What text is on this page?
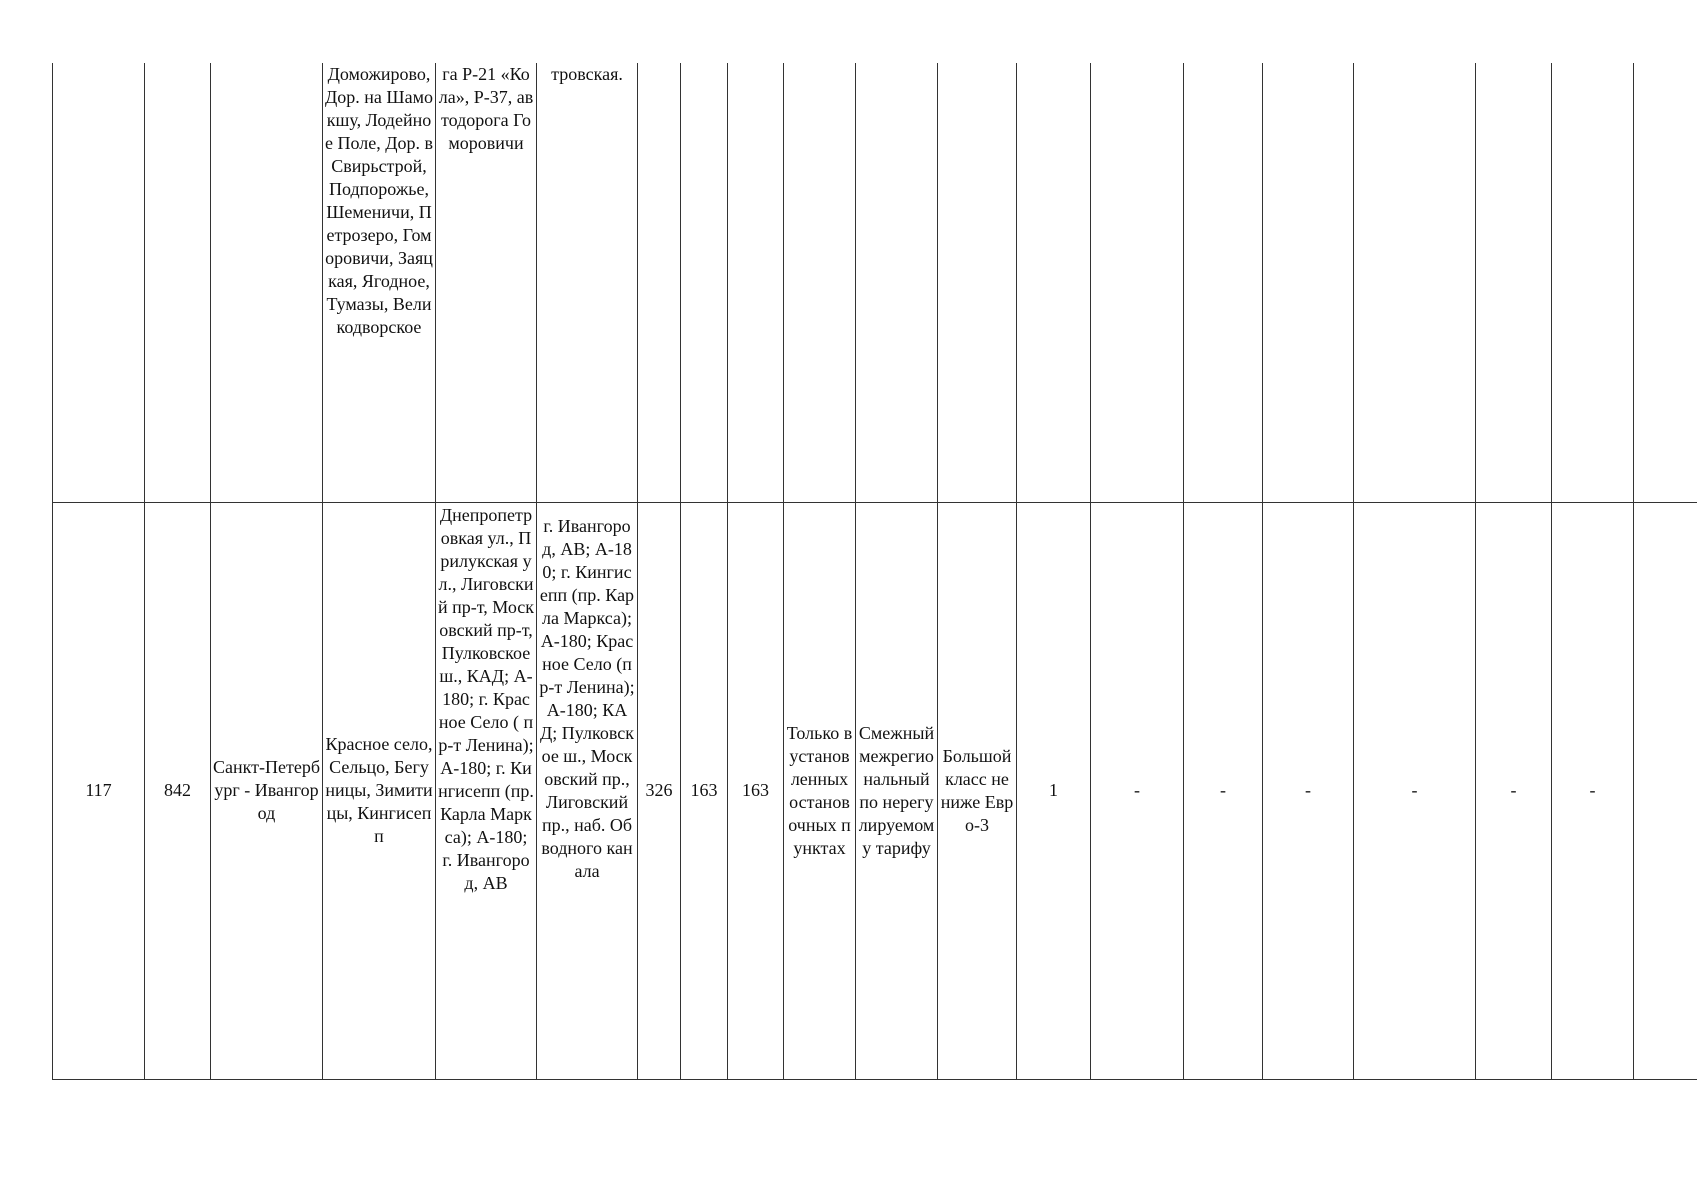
			Доможирово, Дор. на Шамокшу, Лодейное Поле, Дор. в Свирьстрой, Подпорожье, Шеменичи, Петрозеро, Гоморовичи, Заяцкая, Ягодное, Тумазы, Великодворское	га Р-21 «Кола», Р-37, автодорога Гоморовичи	тровская.														
117	842	Санкт-Петербург - Ивангород	Красное село, Сельцо, Бегуницы, Зимитицы, Кингисепп	Днепропетровкая ул., Прилукская ул., Лиговский пр-т, Московский пр-т, Пулковское ш., КАД; А-180; г. Красное Село ( пр-т Ленина); А-180; г. Кингисепп (пр. Карла Маркса); А-180; г. Ивангород, АВ	г. Ивангород, АВ; А-180; г. Кингисепп (пр. Карла Маркса); А-180; Красное Село (пр-т Ленина); А-180; КАД; Пулковское ш., Московский пр., Лиговский пр., наб. Обводного канала	326	163	163	Только в установленных остановочных пунктах	Смежный межрегиональный по нерегулируемому тарифу	Большой класс не ниже Евро-3	1	-	-	-	-	-	-	
